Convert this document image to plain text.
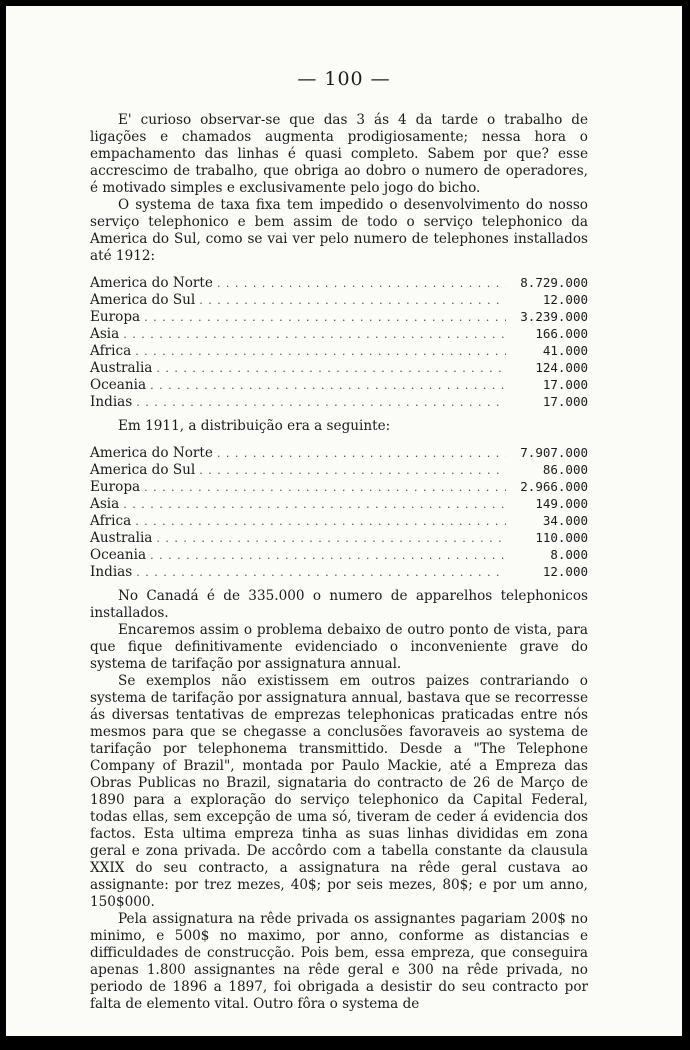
— 100 —

E' curioso observar-se que das 3 ás 4 da tarde o trabalho de ligações e chamados augmenta prodigiosamente; nessa hora o empachamento das linhas é quasi completo. Sabem por que? esse accrescimo de trabalho, que obriga ao dobro o numero de operadores, é motivado simples e exclusivamente pelo jogo do bicho.

O systema de taxa fixa tem impedido o desenvolvimento do nosso serviço telephonico e bem assim de todo o serviço telephonico da America do Sul, como se vai ver pelo numero de telephones installados até 1912:

America do Norte . . .	8.729.000
America do Sul . . .	12.000
Europa . . .	3.239.000
Asia . . .	166.000
Africa . . .	41.000
Australia . . .	124.000
Oceania . . .	17.000
Indias . . .	17.000

Em 1911, a distribuição era a seguinte:

America do Norte . . .	7.907.000
America do Sul . . .	86.000
Europa . . .	2.966.000
Asia . . .	149.000
Africa . . .	34.000
Australia . . .	110.000
Oceania . . .	8.000
Indias . . .	12.000

No Canadá é de 335.000 o numero de apparelhos telephonicos installados.

Encaremos assim o problema debaixo de outro ponto de vista, para que fique definitivamente evidenciado o inconveniente grave do systema de tarifação por assignatura annual.

Se exemplos não existissem em outros paizes contrariando o systema de tarifação por assignatura annual, bastava que se recorresse ás diversas tentativas de emprezas telephonicas praticadas entre nós mesmos para que se chegasse a conclusões favoraveis ao systema de tarifação por telephonema transmittido. Desde a "The Telephone Company of Brazil", montada por Paulo Mackie, até a Empreza das Obras Publicas no Brazil, signataria do contracto de 26 de Março de 1890 para a exploração do serviço telephonico da Capital Federal, todas ellas, sem excepção de uma só, tiveram de ceder á evidencia dos factos. Esta ultima empreza tinha as suas linhas divididas em zona geral e zona privada. De accôrdo com a tabella constante da clausula XXIX do seu contracto, a assignatura na rêde geral custava ao assignante: por trez mezes, 40$; por seis mezes, 80$; e por um anno, 150$000.

Pela assignatura na rêde privada os assignantes pagariam 200$ no minimo, e 500$ no maximo, por anno, conforme as distancias e difficuldades de construcção. Pois bem, essa empreza, que conseguira apenas 1.800 assignantes na rêde geral e 300 na rêde privada, no periodo de 1896 a 1897, foi obrigada a desistir do seu contracto por falta de elemento vital. Outro fôra o systema de
